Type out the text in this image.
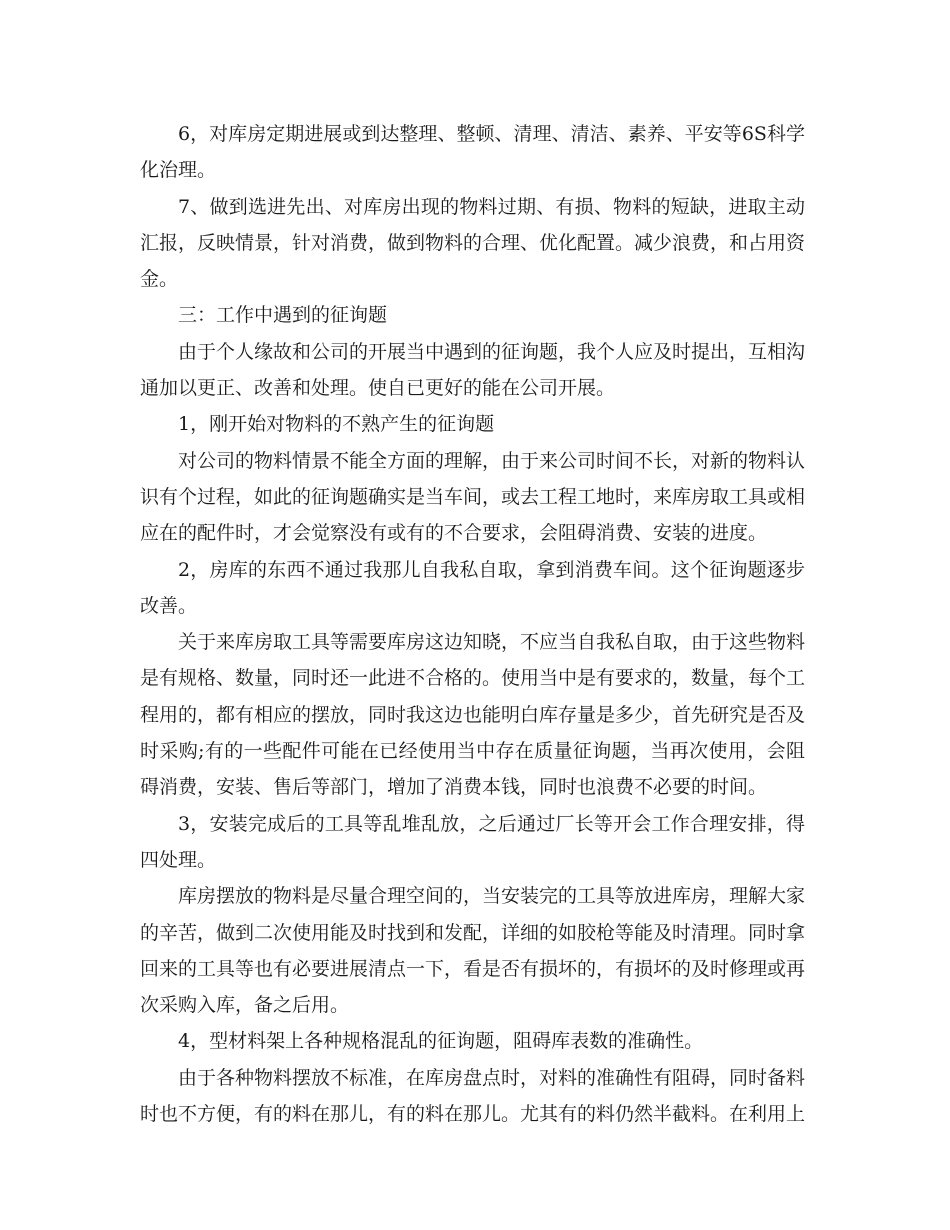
6，对库房定期进展或到达整理、整顿、清理、清洁、素养、平安等6S科学化治理。

7、做到选进先出、对库房出现的物料过期、有损、物料的短缺，进取主动汇报，反映情景，针对消费，做到物料的合理、优化配置。减少浪费，和占用资金。

三：工作中遇到的征询题

由于个人缘故和公司的开展当中遇到的征询题，我个人应及时提出，互相沟通加以更正、改善和处理。使自已更好的能在公司开展。

1，刚开始对物料的不熟产生的征询题

对公司的物料情景不能全方面的理解，由于来公司时间不长，对新的物料认识有个过程，如此的征询题确实是当车间，或去工程工地时，来库房取工具或相应在的配件时，才会觉察没有或有的不合要求，会阻碍消费、安装的进度。

2，房库的东西不通过我那儿自我私自取，拿到消费车间。这个征询题逐步改善。

关于来库房取工具等需要库房这边知晓，不应当自我私自取，由于这些物料是有规格、数量，同时还一此进不合格的。使用当中是有要求的，数量，每个工程用的，都有相应的摆放，同时我这边也能明白库存量是多少，首先研究是否及时采购;有的一些配件可能在已经使用当中存在质量征询题，当再次使用，会阻碍消费，安装、售后等部门，增加了消费本钱，同时也浪费不必要的时间。

3，安装完成后的工具等乱堆乱放，之后通过厂长等开会工作合理安排，得四处理。

库房摆放的物料是尽量合理空间的，当安装完的工具等放进库房，理解大家的辛苦，做到二次使用能及时找到和发配，详细的如胶枪等能及时清理。同时拿回来的工具等也有必要进展清点一下，看是否有损坏的，有损坏的及时修理或再次采购入库，备之后用。

4，型材料架上各种规格混乱的征询题，阻碍库表数的准确性。

由于各种物料摆放不标准，在库房盘点时，对料的准确性有阻碍，同时备料时也不方便，有的料在那儿，有的料在那儿。尤其有的料仍然半截料。在利用上
